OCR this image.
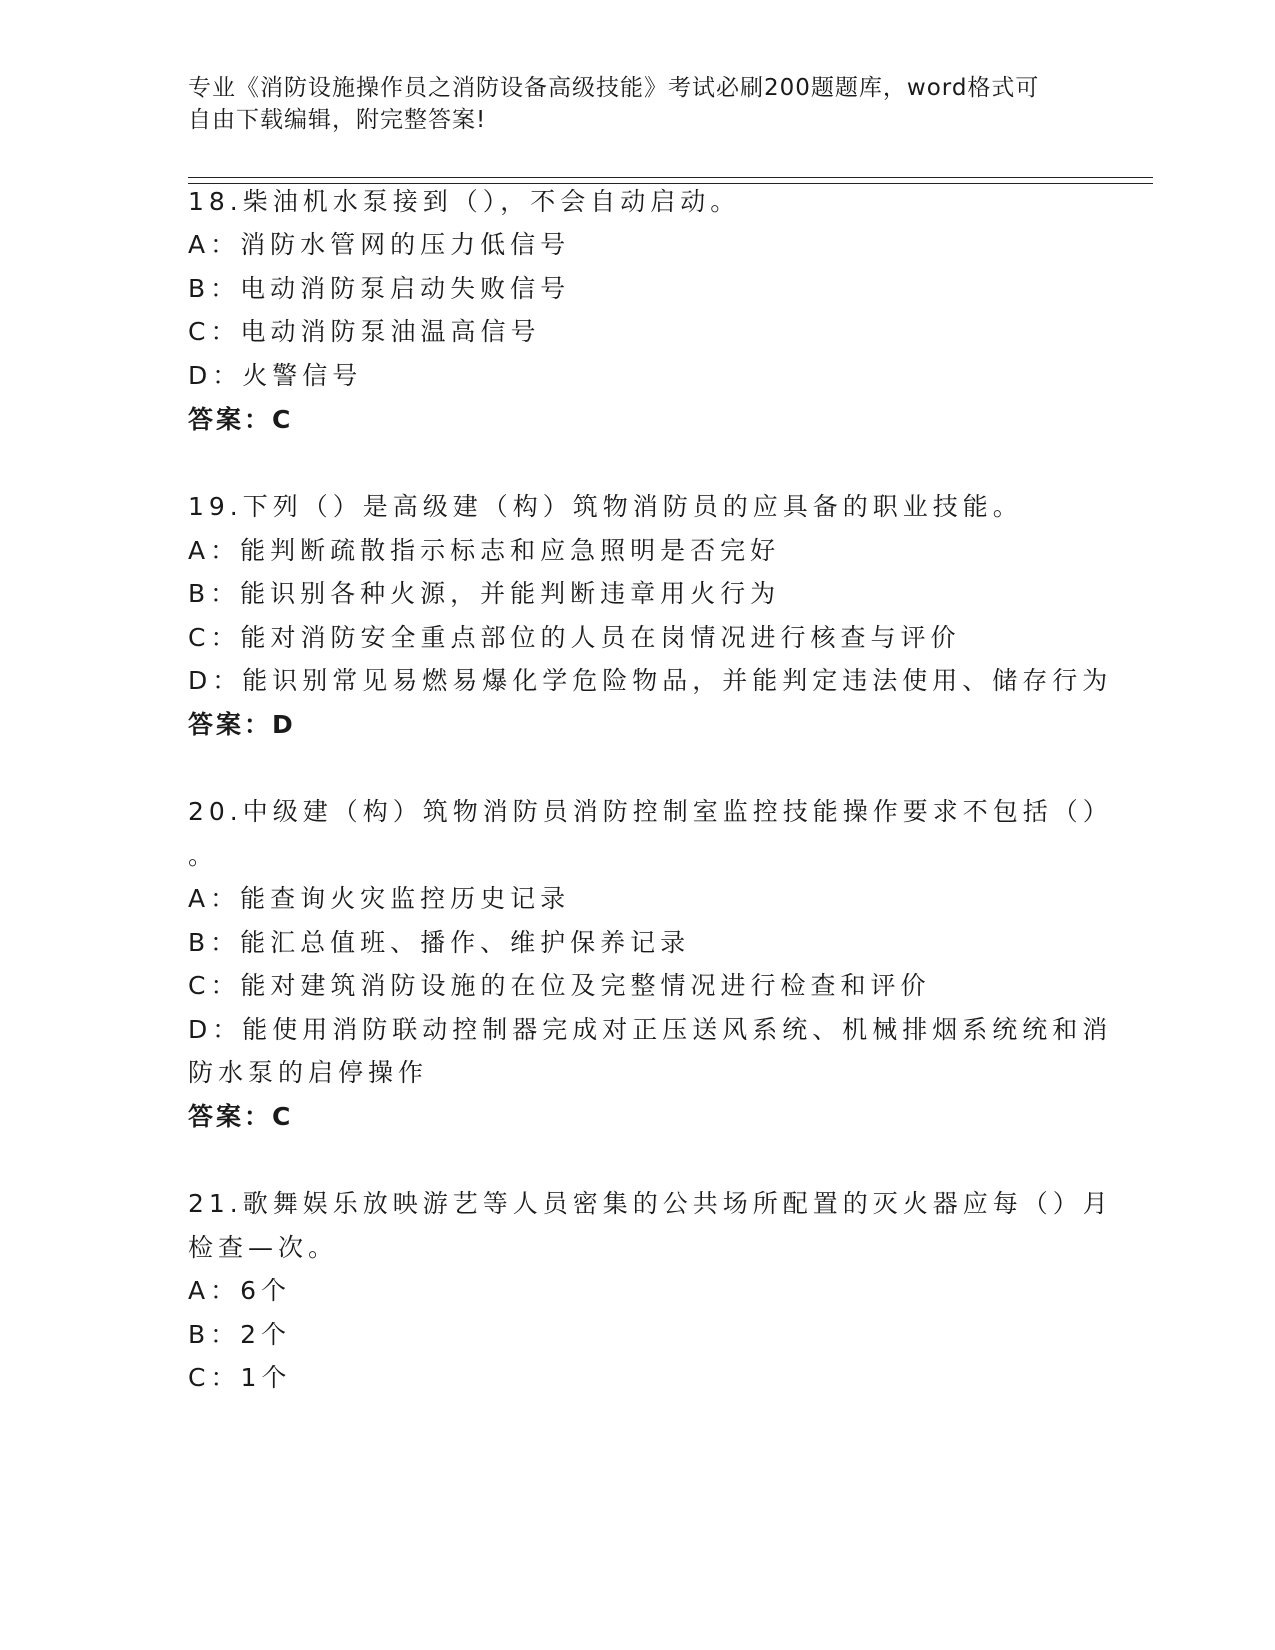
专业《消防设施操作员之消防设备高级技能》考试必刷200题题库，word格式可
自由下载编辑，附完整答案!
18.柴油机水泵接到（），不会自动启动。
A：消防水管网的压力低信号
B：电动消防泵启动失败信号
C：电动消防泵油温高信号
D：火警信号
答案：C
19.下列（）是高级建（构）筑物消防员的应具备的职业技能。
A：能判断疏散指示标志和应急照明是否完好
B：能识别各种火源，并能判断违章用火行为
C：能对消防安全重点部位的人员在岗情况进行核查与评价
D：能识别常见易燃易爆化学危险物品，并能判定违法使用、储存行为
答案：D
20.中级建（构）筑物消防员消防控制室监控技能操作要求不包括（）
。
A：能查询火灾监控历史记录
B：能汇总值班、播作、维护保养记录
C：能对建筑消防设施的在位及完整情况进行检查和评价
D：能使用消防联动控制器完成对正压送风系统、机械排烟系统统和消
防水泵的启停操作
答案：C
21.歌舞娱乐放映游艺等人员密集的公共场所配置的灭火器应每（）月
检查—次。
A：6个
B：2个
C：1个
